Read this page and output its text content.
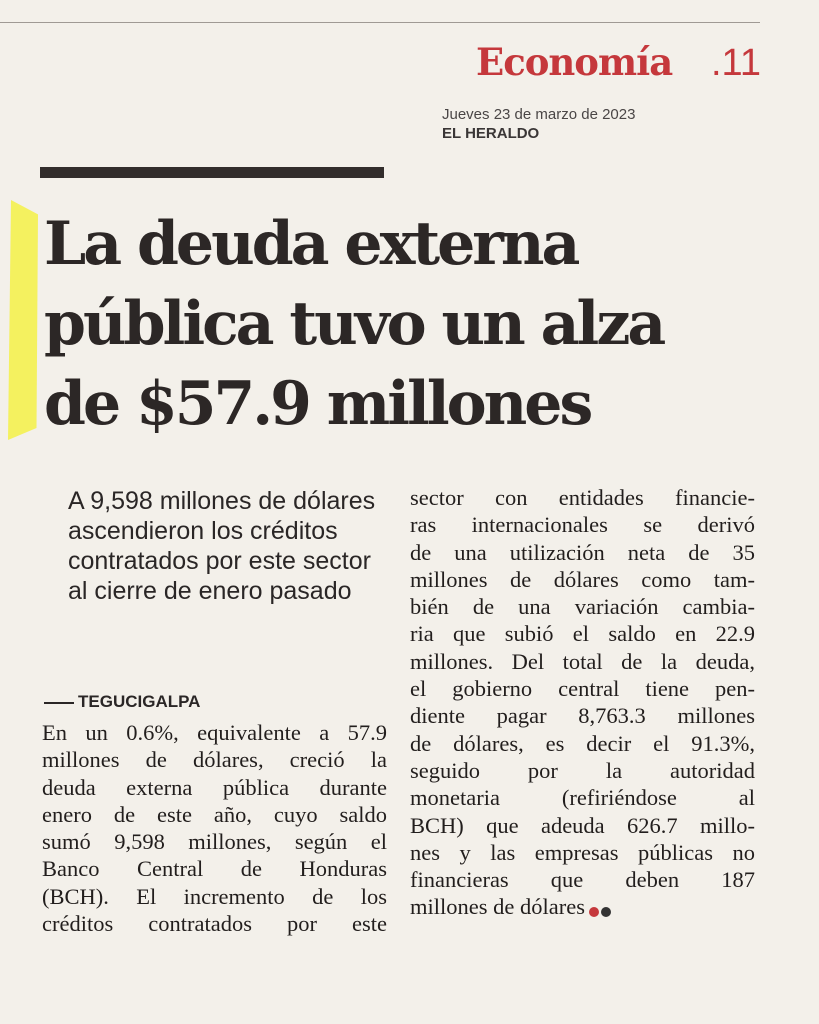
Economía .11
Jueves 23 de marzo de 2023
EL HERALDO
La deuda externa
pública tuvo un alza
de $57.9 millones
A 9,598 millones de dólares ascendieron los créditos contratados por este sector al cierre de enero pasado
TEGUCIGALPA
En un 0.6%, equivalente a 57.9
millones de dólares, creció la
deuda externa pública durante
enero de este año, cuyo saldo
sumó 9,598 millones, según el
Banco Central de Honduras
(BCH). El incremento de los
créditos contratados por este
sector con entidades financie-
ras internacionales se derivó
de una utilización neta de 35
millones de dólares como tam-
bién de una variación cambia-
ria que subió el saldo en 22.9
millones. Del total de la deuda,
el gobierno central tiene pen-
diente pagar 8,763.3 millones
de dólares, es decir el 91.3%,
seguido por la autoridad
monetaria (refiriéndose al
BCH) que adeuda 626.7 millo-
nes y las empresas públicas no
financieras que deben 187
millones de dólares
